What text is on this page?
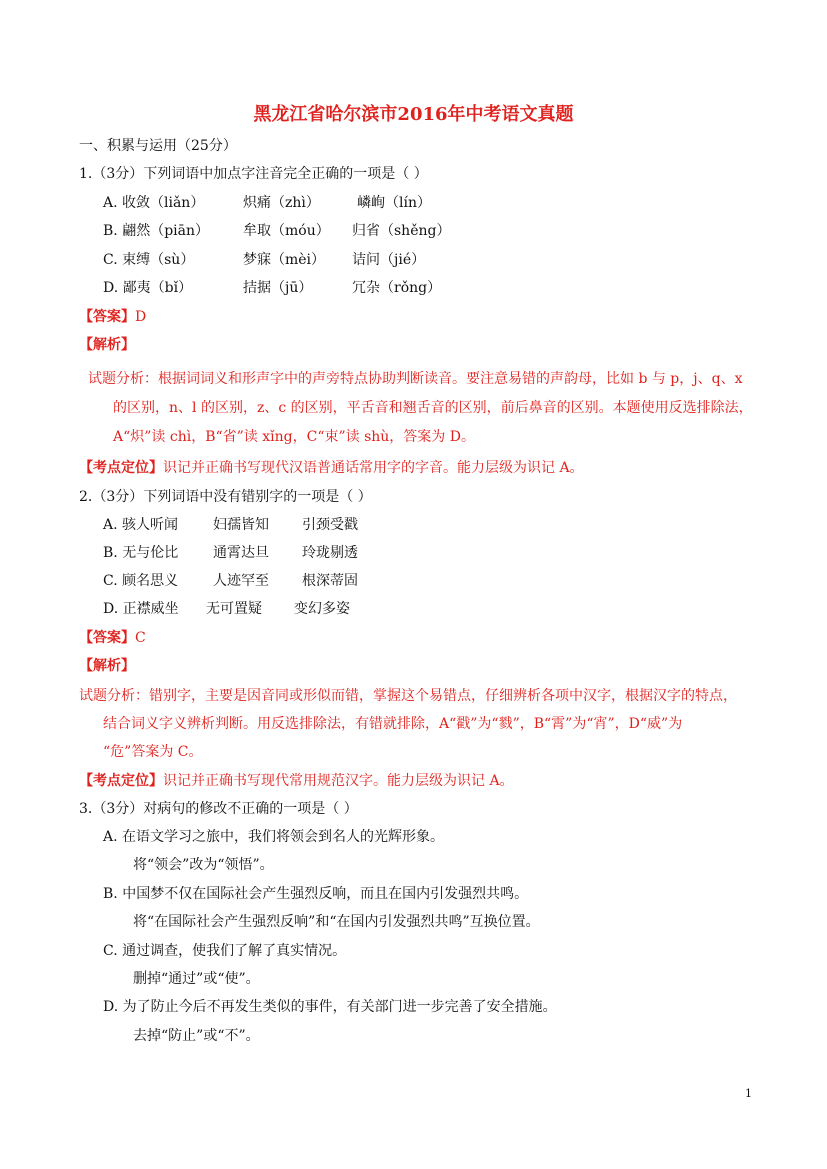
黑龙江省哈尔滨市2016年中考语文真题
一、积累与运用（25分）
1.（3分）下列词语中加点字注音完全正确的一项是（ ）
A. 收敛（liǎn）	炽痛（zhì）	嶙峋（lín）
B. 翩然（piān） 牟取（móu） 归省（shěng）
C. 束缚（sù）	梦寐（mèi） 诘问（jié）
D. 鄙夷（bǐ）	拮据（jū）	冗杂（rǒng）
【答案】D
【解析】
试题分析：根据词词义和形声字中的声旁特点协助判断读音。要注意易错的声韵母，比如 b 与 p，j、q、x
的区别，n、l 的区别，z、c 的区别，平舌音和翘舌音的区别，前后鼻音的区别。本题使用反选排除法，
A“炽”读 chì，B“省”读 xǐng，C“束”读 shù，答案为 D。
【考点定位】识记并正确书写现代汉语普通话常用字的字音。能力层级为识记 A。
2.（3分）下列词语中没有错别字的一项是（ ）
A. 骇人听闻 妇孺皆知 引颈受戳
B. 无与伦比 通霄达旦 玲珑剔透
C. 顾名思义 人迹罕至 根深蒂固
D. 正襟威坐 无可置疑 变幻多姿
【答案】C
【解析】
试题分析：错别字，主要是因音同或形似而错，掌握这个易错点，仔细辨析各项中汉字，根据汉字的特点，
结合词义字义辨析判断。用反选排除法，有错就排除，A“戳”为“戮”，B“霄”为“宵”，D“威”为
“危”答案为 C。
【考点定位】识记并正确书写现代常用规范汉字。能力层级为识记 A。
3.（3分）对病句的修改不正确的一项是（ ）
A. 在语文学习之旅中，我们将领会到名人的光辉形象。
将“领会”改为“领悟”。
B. 中国梦不仅在国际社会产生强烈反响，而且在国内引发强烈共鸣。
将“在国际社会产生强烈反响”和“在国内引发强烈共鸣”互换位置。
C. 通过调查，使我们了解了真实情况。
删掉“通过”或“使”。
D. 为了防止今后不再发生类似的事件，有关部门进一步完善了安全措施。
去掉“防止”或“不”。
1
